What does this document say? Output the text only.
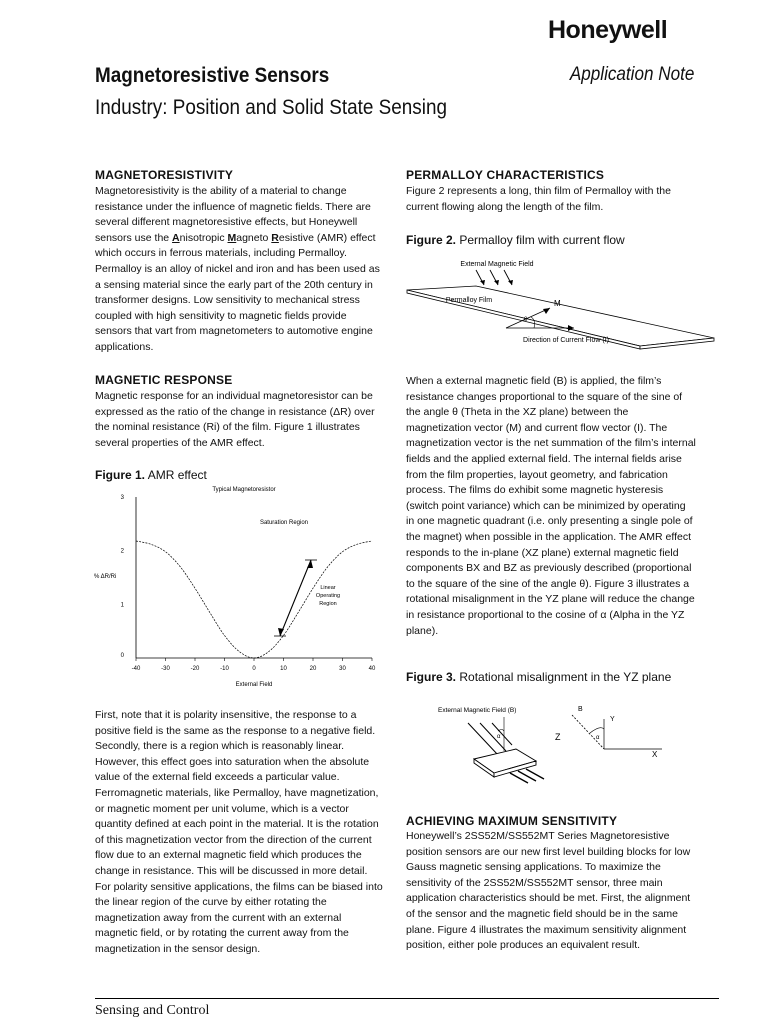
Honeywell
Magnetoresistive Sensors	Application Note
Industry: Position and Solid State Sensing
MAGNETORESISTIVITY

Magnetoresistivity is the ability of a material to change resistance under the influence of magnetic fields. There are several different magnetoresistive effects, but Honeywell sensors use the Anisotropic Magneto Resistive (AMR) effect which occurs in ferrous materials, including Permalloy. Permalloy is an alloy of nickel and iron and has been used as a sensing material since the early part of the 20th century in transformer designs. Low sensitivity to mechanical stress coupled with high sensitivity to magnetic fields provide sensors that vart from magnetometers to automotive engine applications.

MAGNETIC RESPONSE

Magnetic response for an individual magnetoresistor can be expressed as the ratio of the change in resistance (ΔR) over the nominal resistance (Ri) of the film. Figure 1 illustrates several properties of the AMR effect.

Figure 1. AMR effect
Typical Magnetoresistor
0
1
2
3
-40	-30	-20	-10	0	10	20	30	40
Saturation Region
Linear
Operating
Region
% ΔR/Ri
External Field

First, note that it is polarity insensitive, the response to a positive field is the same as the response to a negative field. Secondly, there is a region which is reasonably linear. However, this effect goes into saturation when the absolute value of the external field exceeds a particular value. Ferromagnetic materials, like Permalloy, have magnetization, or magnetic moment per unit volume, which is a vector quantity defined at each point in the material. It is the rotation of this magnetization vector from the direction of the current flow due to an external magnetic field which produces the change in resistance. This will be discussed in more detail. For polarity sensitive applications, the films can be biased into the linear region of the curve by either rotating the magnetization away from the current with an external magnetic field, or by rotating the current away from the magnetization in the sensor design.

PERMALLOY CHARACTERISTICS

Figure 2 represents a long, thin film of Permalloy with the current flowing along the length of the film.

Figure 2. Permalloy film with current flow
External Magnetic Field
Permalloy Film
θ
M
Direction of Current Flow (I)

When a external magnetic field (B) is applied, the film’s resistance changes proportional to the square of the sine of the angle θ (Theta in the XZ plane) between the magnetization vector (M) and current flow vector (I). The magnetization vector is the net summation of the film’s internal fields and the applied external field. The internal fields arise from the film properties, layout geometry, and fabrication process. The films do exhibit some magnetic hysteresis (switch point variance) which can be minimized by operating in one magnetic quadrant (i.e. only presenting a single pole of the magnet) when possible in the application. The AMR effect responds to the in-plane (XZ plane) external magnetic field components BX and BZ as previously described (proportional to the square of the sine of the angle θ). Figure 3 illustrates a rotational misalignment in the YZ plane will reduce the change in resistance proportional to the cosine of α (Alpha in the YZ plane).

Figure 3. Rotational misalignment in the YZ plane
External Magnetic Field (B)
α
B
Y
Z
X
α
ACHIEVING MAXIMUM SENSITIVITY

Honeywell’s 2SS52M/SS552MT Series Magnetoresistive position sensors are our new first level building blocks for low Gauss magnetic sensing applications. To maximize the sensitivity of the 2SS52M/SS552MT sensor, three main application characteristics should be met. First, the alignment of the sensor and the magnetic field should be in the same plane. Figure 4 illustrates the maximum sensitivity alignment position, either pole produces an equivalent result.

Sensing and Control
